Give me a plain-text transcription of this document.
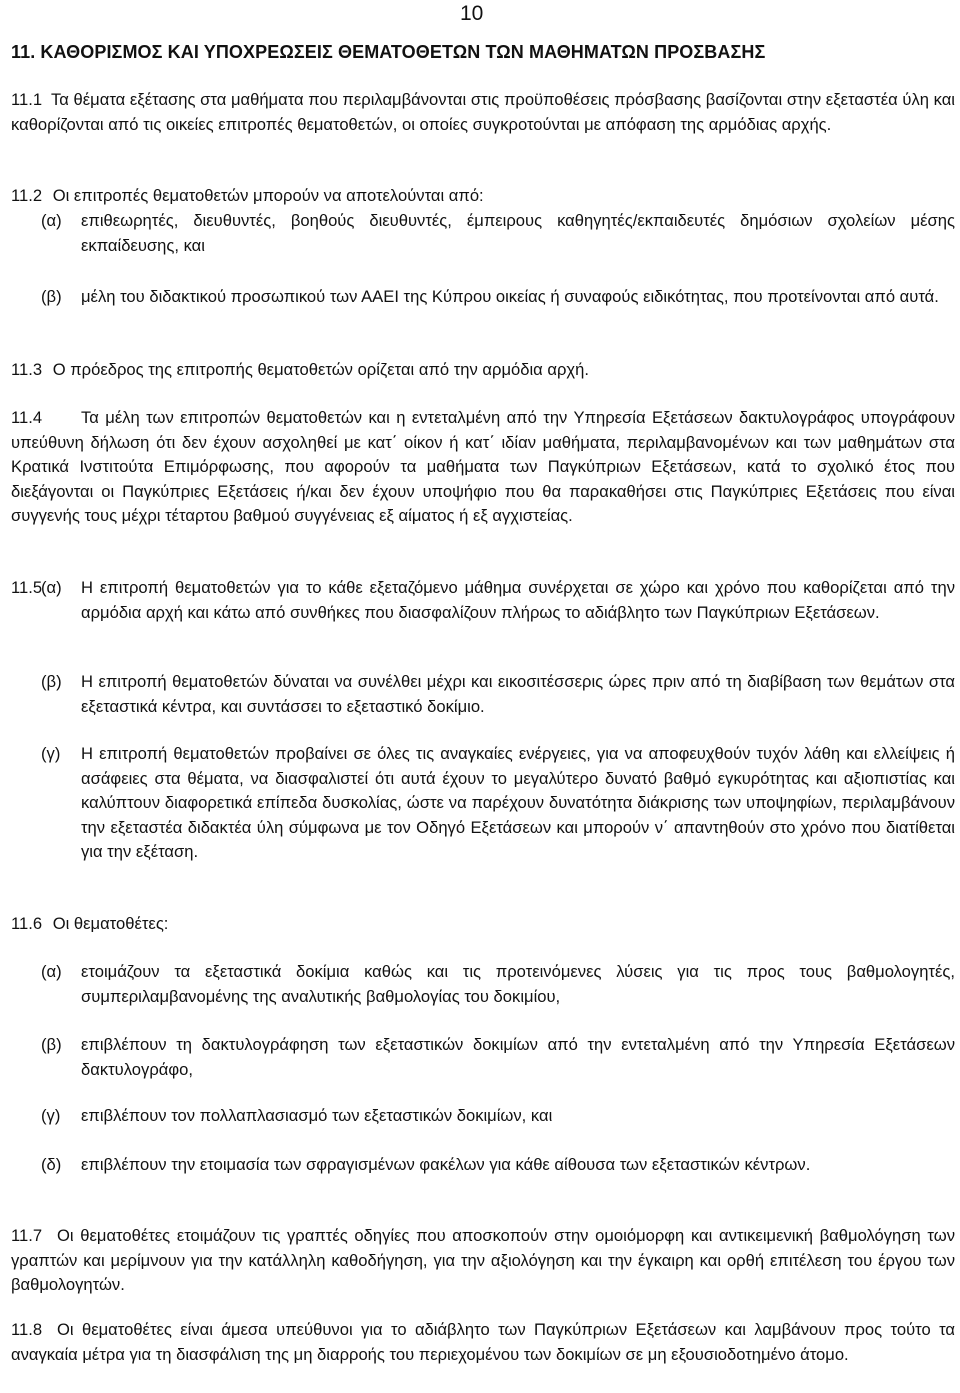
10
11. ΚΑΘΟΡΙΣΜΟΣ ΚΑΙ ΥΠΟΧΡΕΩΣΕΙΣ ΘΕΜΑΤΟΘΕΤΩΝ ΤΩΝ ΜΑΘΗΜΑΤΩΝ ΠΡΟΣΒΑΣΗΣ
11.1 Τα θέματα εξέτασης στα μαθήματα που περιλαμβάνονται στις προϋποθέσεις πρόσβασης βασίζονται στην εξεταστέα ύλη και καθορίζονται από τις οικείες επιτροπές θεματοθετών, οι οποίες συγκροτούνται με απόφαση της αρμόδιας αρχής.
11.2 Οι επιτροπές θεματοθετών μπορούν να αποτελούνται από:
(α) επιθεωρητές, διευθυντές, βοηθούς διευθυντές, έμπειρους καθηγητές/εκπαιδευτές δημόσιων σχολείων μέσης εκπαίδευσης, και
(β) μέλη του διδακτικού προσωπικού των ΑΑΕΙ της Κύπρου οικείας ή συναφούς ειδικότητας, που προτείνονται από αυτά.
11.3 Ο πρόεδρος της επιτροπής θεματοθετών ορίζεται από την αρμόδια αρχή.
11.4	Τα μέλη των επιτροπών θεματοθετών και η εντεταλμένη από την Υπηρεσία Εξετάσεων δακτυλογράφος υπογράφουν υπεύθυνη δήλωση ότι δεν έχουν ασχοληθεί με κατ΄ οίκον ή κατ΄ ιδίαν μαθήματα, περιλαμβανομένων και των μαθημάτων στα Κρατικά Ινστιτούτα Επιμόρφωσης, που αφορούν τα μαθήματα των Παγκύπριων Εξετάσεων, κατά το σχολικό έτος που διεξάγονται οι Παγκύπριες Εξετάσεις ή/και δεν έχουν υποψήφιο που θα παρακαθήσει στις Παγκύπριες Εξετάσεις που είναι συγγενής τους μέχρι τέταρτου βαθμού συγγένειας εξ αίματος ή εξ αγχιστείας.
11.5
(α) Η επιτροπή θεματοθετών για το κάθε εξεταζόμενο μάθημα συνέρχεται σε χώρο και χρόνο που καθορίζεται από την αρμόδια αρχή και κάτω από συνθήκες που διασφαλίζουν πλήρως το αδιάβλητο των Παγκύπριων Εξετάσεων.
(β) Η επιτροπή θεματοθετών δύναται να συνέλθει μέχρι και εικοσιτέσσερις ώρες πριν από τη διαβίβαση των θεμάτων στα εξεταστικά κέντρα, και συντάσσει το εξεταστικό δοκίμιο.
(γ) Η επιτροπή θεματοθετών προβαίνει σε όλες τις αναγκαίες ενέργειες, για να αποφευχθούν τυχόν λάθη και ελλείψεις ή ασάφειες στα θέματα, να διασφαλιστεί ότι αυτά έχουν το μεγαλύτερο δυνατό βαθμό εγκυρότητας και αξιοπιστίας και καλύπτουν διαφορετικά επίπεδα δυσκολίας, ώστε να παρέχουν δυνατότητα διάκρισης των υποψηφίων, περιλαμβάνουν την εξεταστέα διδακτέα ύλη σύμφωνα με τον Οδηγό Εξετάσεων και μπορούν ν΄ απαντηθούν στο χρόνο που διατίθεται για την εξέταση.
11.6 Οι θεματοθέτες:
(α) ετοιμάζουν τα εξεταστικά δοκίμια καθώς και τις προτεινόμενες λύσεις για τις προς τους βαθμολογητές, συμπεριλαμβανομένης της αναλυτικής βαθμολογίας του δοκιμίου,
(β) επιβλέπουν τη δακτυλογράφηση των εξεταστικών δοκιμίων από την εντεταλμένη από την Υπηρεσία Εξετάσεων δακτυλογράφο,
(γ) επιβλέπουν τον πολλαπλασιασμό των εξεταστικών δοκιμίων, και
(δ) επιβλέπουν την ετοιμασία των σφραγισμένων φακέλων για κάθε αίθουσα των εξεταστικών κέντρων.
11.7 Οι θεματοθέτες ετοιμάζουν τις γραπτές οδηγίες που αποσκοπούν στην ομοιόμορφη και αντικειμενική βαθμολόγηση των γραπτών και μερίμνουν για την κατάλληλη καθοδήγηση, για την αξιολόγηση και την έγκαιρη και ορθή επιτέλεση του έργου των βαθμολογητών.
11.8 Οι θεματοθέτες είναι άμεσα υπεύθυνοι για το αδιάβλητο των Παγκύπριων Εξετάσεων και λαμβάνουν προς τούτο τα αναγκαία μέτρα για τη διασφάλιση της μη διαρροής του περιεχομένου των δοκιμίων σε μη εξουσιοδοτημένο άτομο.
